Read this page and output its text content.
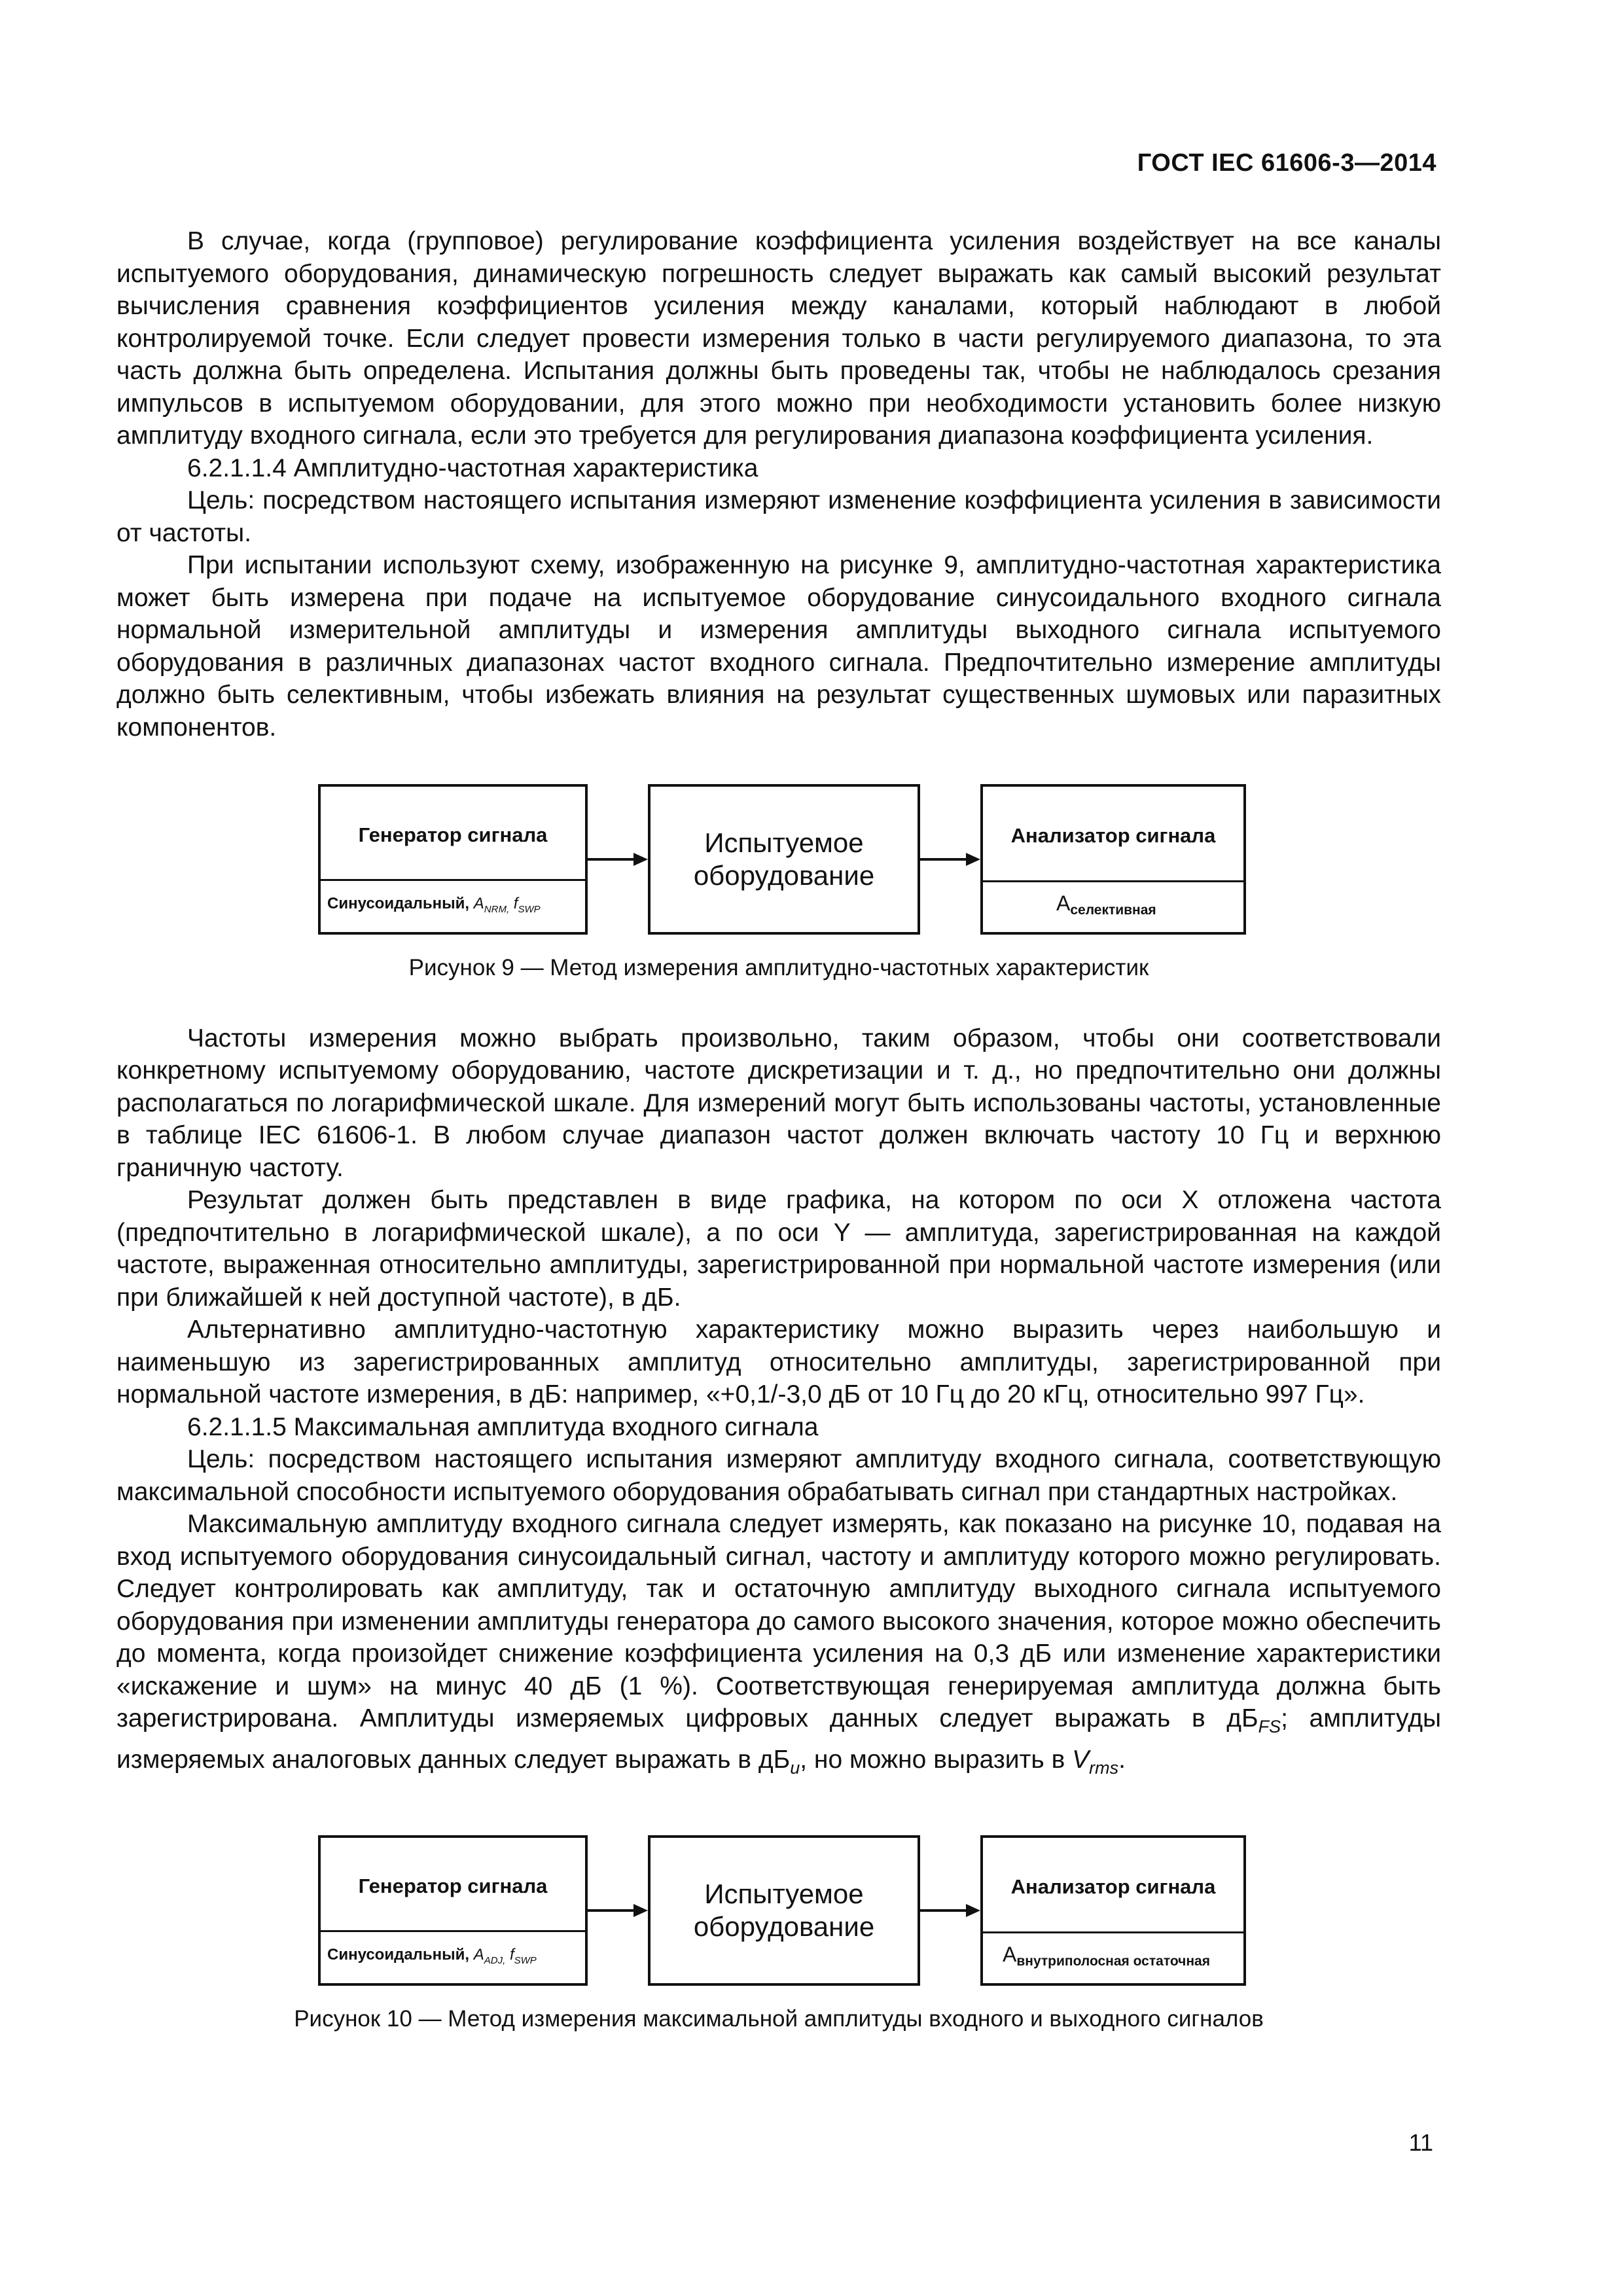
ГОСТ IEC 61606-3—2014

В случае, когда (групповое) регулирование коэффициента усиления воздействует на все каналы испытуемого оборудования, динамическую погрешность следует выражать как самый высокий результат вычисления сравнения коэффициентов усиления между каналами, который наблюдают в любой контролируемой точке. Если следует провести измерения только в части регулируемого диапазона, то эта часть должна быть определена. Испытания должны быть проведены так, чтобы не наблюдалось срезания импульсов в испытуемом оборудовании, для этого можно при необходимости установить более низкую амплитуду входного сигнала, если это требуется для регулирования диапазона коэффициента усиления.

6.2.1.1.4 Амплитудно-частотная характеристика

Цель: посредством настоящего испытания измеряют изменение коэффициента усиления в зависимости от частоты.

При испытании используют схему, изображенную на рисунке 9, амплитудно-частотная характеристика может быть измерена при подаче на испытуемое оборудование синусоидального входного сигнала нормальной измерительной амплитуды и измерения амплитуды выходного сигнала испытуемого оборудования в различных диапазонах частот входного сигнала. Предпочтительно измерение амплитуды должно быть селективным, чтобы избежать влияния на результат существенных шумовых или паразитных компонентов.

Генератор сигнала
Синусоидальный, $A_{NRM,}$ $f_{SWP}$
Испытуемое оборудование
Анализатор сигнала
$А_{селективная}$
Рисунок 9 — Метод измерения амплитудно-частотных характеристик

Частоты измерения можно выбрать произвольно, таким образом, чтобы они соответствовали конкретному испытуемому оборудованию, частоте дискретизации и т. д., но предпочтительно они должны располагаться по логарифмической шкале. Для измерений могут быть использованы частоты, установленные в таблице IEC 61606-1. В любом случае диапазон частот должен включать частоту 10 Гц и верхнюю граничную частоту.

Результат должен быть представлен в виде графика, на котором по оси X отложена частота (предпочтительно в логарифмической шкале), а по оси Y — амплитуда, зарегистрированная на каждой частоте, выраженная относительно амплитуды, зарегистрированной при нормальной частоте измерения (или при ближайшей к ней доступной частоте), в дБ.

Альтернативно амплитудно-частотную характеристику можно выразить через наибольшую и наименьшую из зарегистрированных амплитуд относительно амплитуды, зарегистрированной при нормальной частоте измерения, в дБ: например, «+0,1/-3,0 дБ от 10 Гц до 20 кГц, относительно 997 Гц».

6.2.1.1.5 Максимальная амплитуда входного сигнала

Цель: посредством настоящего испытания измеряют амплитуду входного сигнала, соответствующую максимальной способности испытуемого оборудования обрабатывать сигнал при стандартных настройках.

Максимальную амплитуду входного сигнала следует измерять, как показано на рисунке 10, подавая на вход испытуемого оборудования синусоидальный сигнал, частоту и амплитуду которого можно регулировать. Следует контролировать как амплитуду, так и остаточную амплитуду выходного сигнала испытуемого оборудования при изменении амплитуды генератора до самого высокого значения, которое можно обеспечить до момента, когда произойдет снижение коэффициента усиления на 0,3 дБ или изменение характеристики «искажение и шум» на минус 40 дБ (1 %). Соответствующая генерируемая амплитуда должна быть зарегистрирована. Амплитуды измеряемых цифровых данных следует выражать в $дБ_{FS}$; амплитуды измеряемых аналоговых данных следует выражать в $дБ_u$, но можно выразить в $V_{rms}$.

Генератор сигнала
Синусоидальный, $A_{ADJ,}$ $f_{SWP}$
Испытуемое оборудование
Анализатор сигнала
$А_{внутриполосная остаточная}$
Рисунок 10 — Метод измерения максимальной амплитуды входного и выходного сигналов
11
